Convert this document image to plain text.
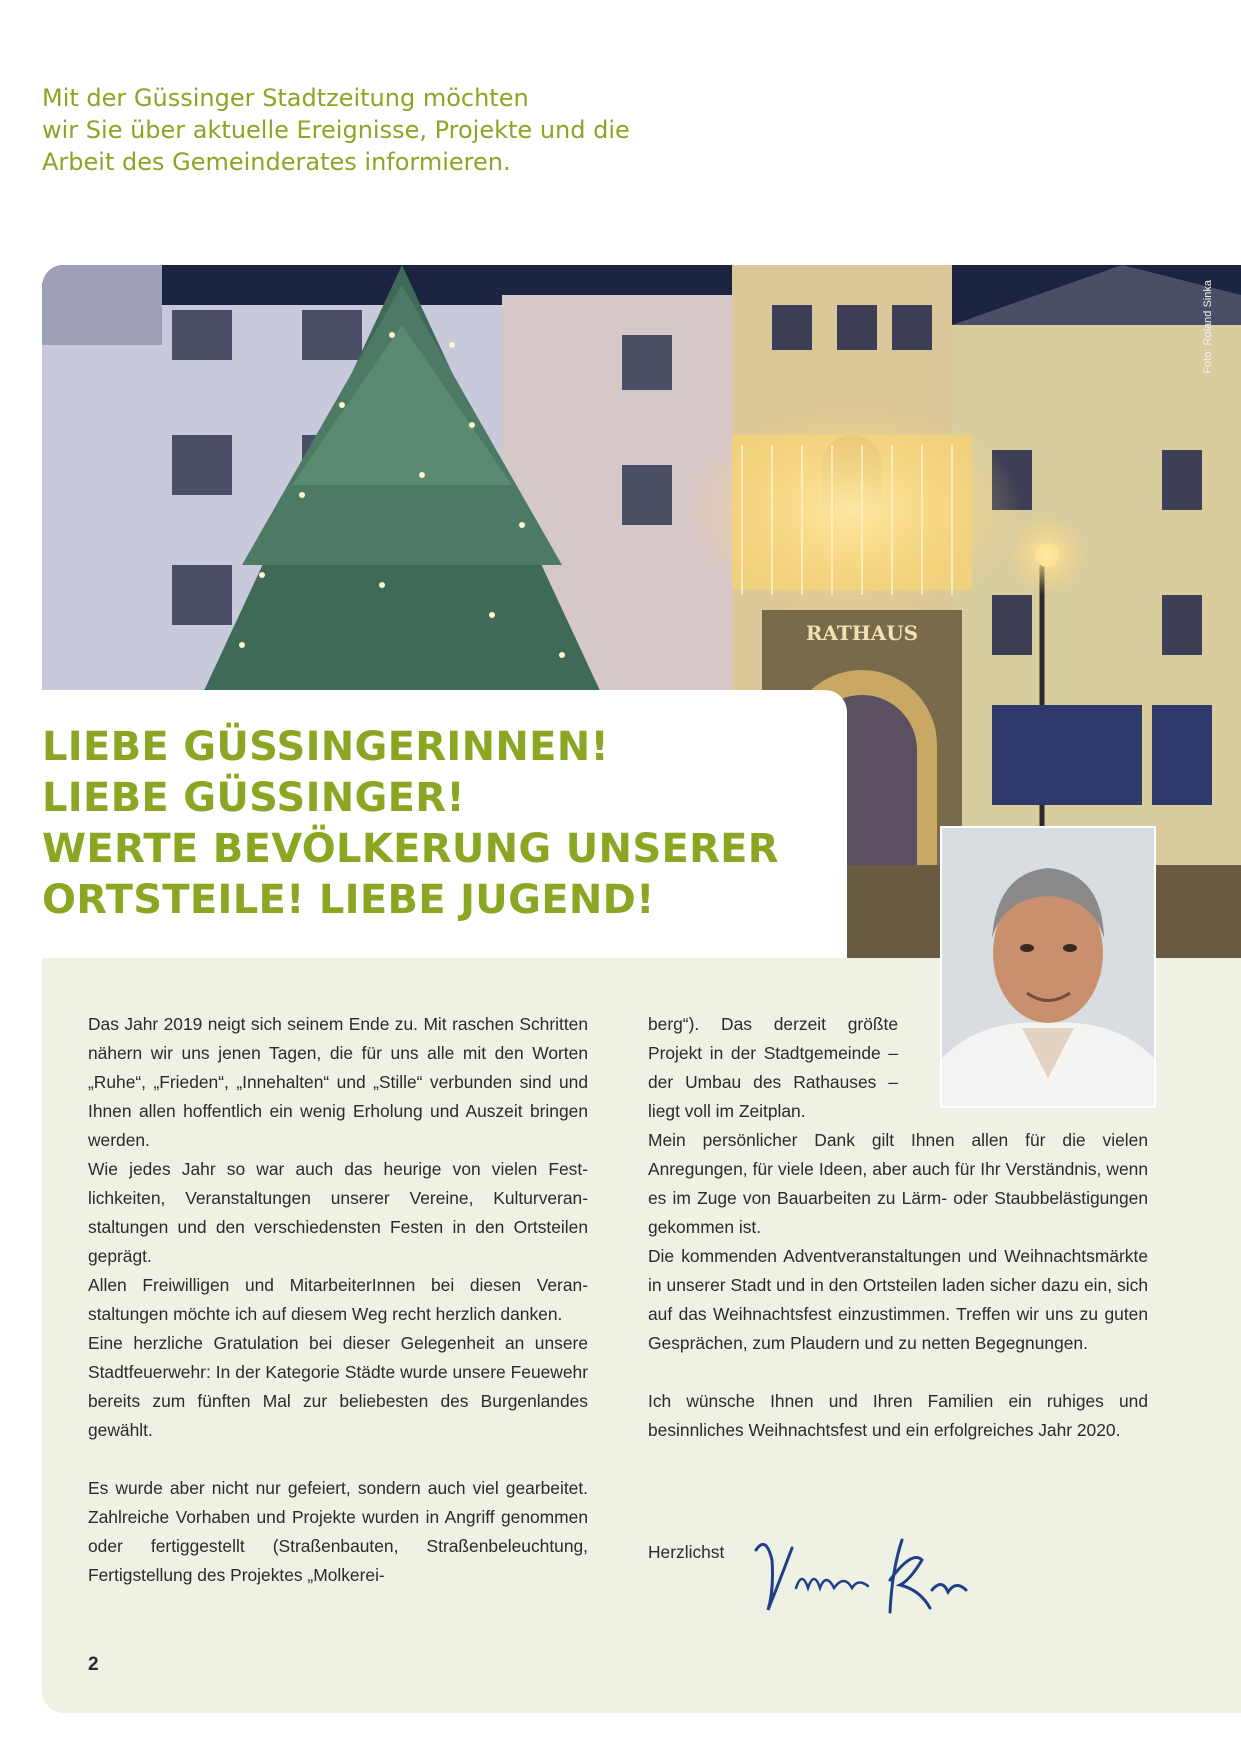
Mit der Güssinger Stadtzeitung möchten
wir Sie über aktuelle Ereignisse, Projekte und die
Arbeit des Gemeinderates informieren.

RATHAUS
Foto: Roland Sinka
LIEBE GÜSSINGERINNEN!
LIEBE GÜSSINGER!
WERTE BEVÖLKERUNG UNSERER
ORTSTEILE! LIEBE JUGEND!

Das Jahr 2019 neigt sich seinem Ende zu. Mit raschen Schritten nähern wir uns jenen Tagen, die für uns alle mit den Worten „Ruhe“, „Frieden“, „Innehalten“ und „Stille“ verbunden sind und Ihnen allen hoffentlich ein wenig Erholung und Auszeit bringen werden.

Wie jedes Jahr so war auch das heurige von vielen Festlichkeiten, Veranstaltungen unserer Vereine, Kulturveranstaltungen und den verschiedensten Festen in den Ortsteilen geprägt.

Allen Freiwilligen und MitarbeiterInnen bei diesen Veranstaltungen möchte ich auf diesem Weg recht herzlich danken.

Eine herzliche Gratulation bei dieser Gelegenheit an unsere Stadtfeuerwehr: In der Kategorie Städte wurde unsere Feuewehr bereits zum fünften Mal zur beliebesten des Burgenlandes gewählt.

Es wurde aber nicht nur gefeiert, sondern auch viel gearbeitet. Zahlreiche Vorhaben und Projekte wurden in Angriff genommen oder fertiggestellt (Straßenbauten, Straßenbeleuchtung, Fertigstellung des Projektes „Molkerei-

berg“). Das derzeit größte Projekt in der Stadtgemeinde – der Umbau des Rathauses – liegt voll im Zeitplan.

Mein persönlicher Dank gilt Ihnen allen für die vielen Anregungen, für viele Ideen, aber auch für Ihr Verständnis, wenn es im Zuge von Bauarbeiten zu Lärm- oder Staubbelästigungen gekommen ist.

Die kommenden Adventveranstaltungen und Weihnachtsmärkte in unserer Stadt und in den Ortsteilen laden sicher dazu ein, sich auf das Weihnachtsfest einzustimmen. Treffen wir uns zu guten Gesprächen, zum Plaudern und zu netten Begegnungen.

Ich wünsche Ihnen und Ihren Familien ein ruhiges und besinnliches Weihnachtsfest und ein erfolgreiches Jahr 2020.

Herzlichst
2
